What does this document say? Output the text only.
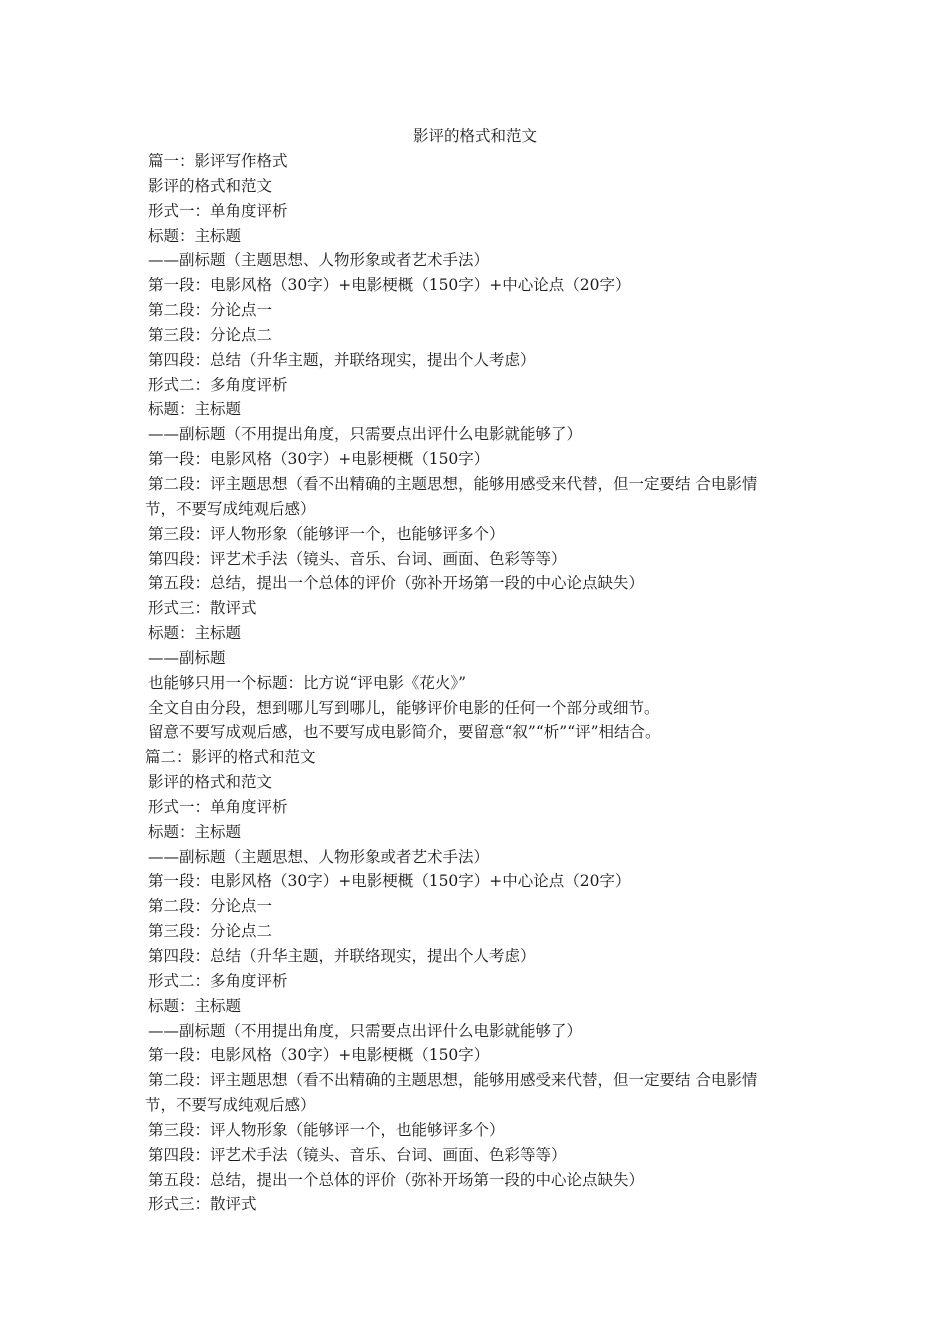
影评的格式和范文

篇一：影评写作格式

影评的格式和范文

形式一：单角度评析

标题：主标题

——副标题（主题思想、人物形象或者艺术手法）

第一段：电影风格（30字）+电影梗概（150字）+中心论点（20字）

第二段：分论点一

第三段：分论点二

第四段：总结（升华主题，并联络现实，提出个人考虑）

形式二：多角度评析

标题：主标题

——副标题（不用提出角度，只需要点出评什么电影就能够了）

第一段：电影风格（30字）+电影梗概（150字）

第二段：评主题思想（看不出精确的主题思想，能够用感受来代替，但一定要结 合电影情

节，不要写成纯观后感）

第三段：评人物形象（能够评一个，也能够评多个）

第四段：评艺术手法（镜头、音乐、台词、画面、色彩等等）

第五段：总结，提出一个总体的评价（弥补开场第一段的中心论点缺失）

形式三：散评式

标题：主标题

——副标题

也能够只用一个标题：比方说“评电影《花火》”

全文自由分段，想到哪儿写到哪儿，能够评价电影的任何一个部分或细节。

留意不要写成观后感，也不要写成电影简介，要留意“叙”“析”“评”相结合。

篇二：影评的格式和范文

影评的格式和范文

形式一：单角度评析

标题：主标题

——副标题（主题思想、人物形象或者艺术手法）

第一段：电影风格（30字）+电影梗概（150字）+中心论点（20字）

第二段：分论点一

第三段：分论点二

第四段：总结（升华主题，并联络现实，提出个人考虑）

形式二：多角度评析

标题：主标题

——副标题（不用提出角度，只需要点出评什么电影就能够了）

第一段：电影风格（30字）+电影梗概（150字）

第二段：评主题思想（看不出精确的主题思想，能够用感受来代替，但一定要结 合电影情

节，不要写成纯观后感）

第三段：评人物形象（能够评一个，也能够评多个）

第四段：评艺术手法（镜头、音乐、台词、画面、色彩等等）

第五段：总结，提出一个总体的评价（弥补开场第一段的中心论点缺失）

形式三：散评式
